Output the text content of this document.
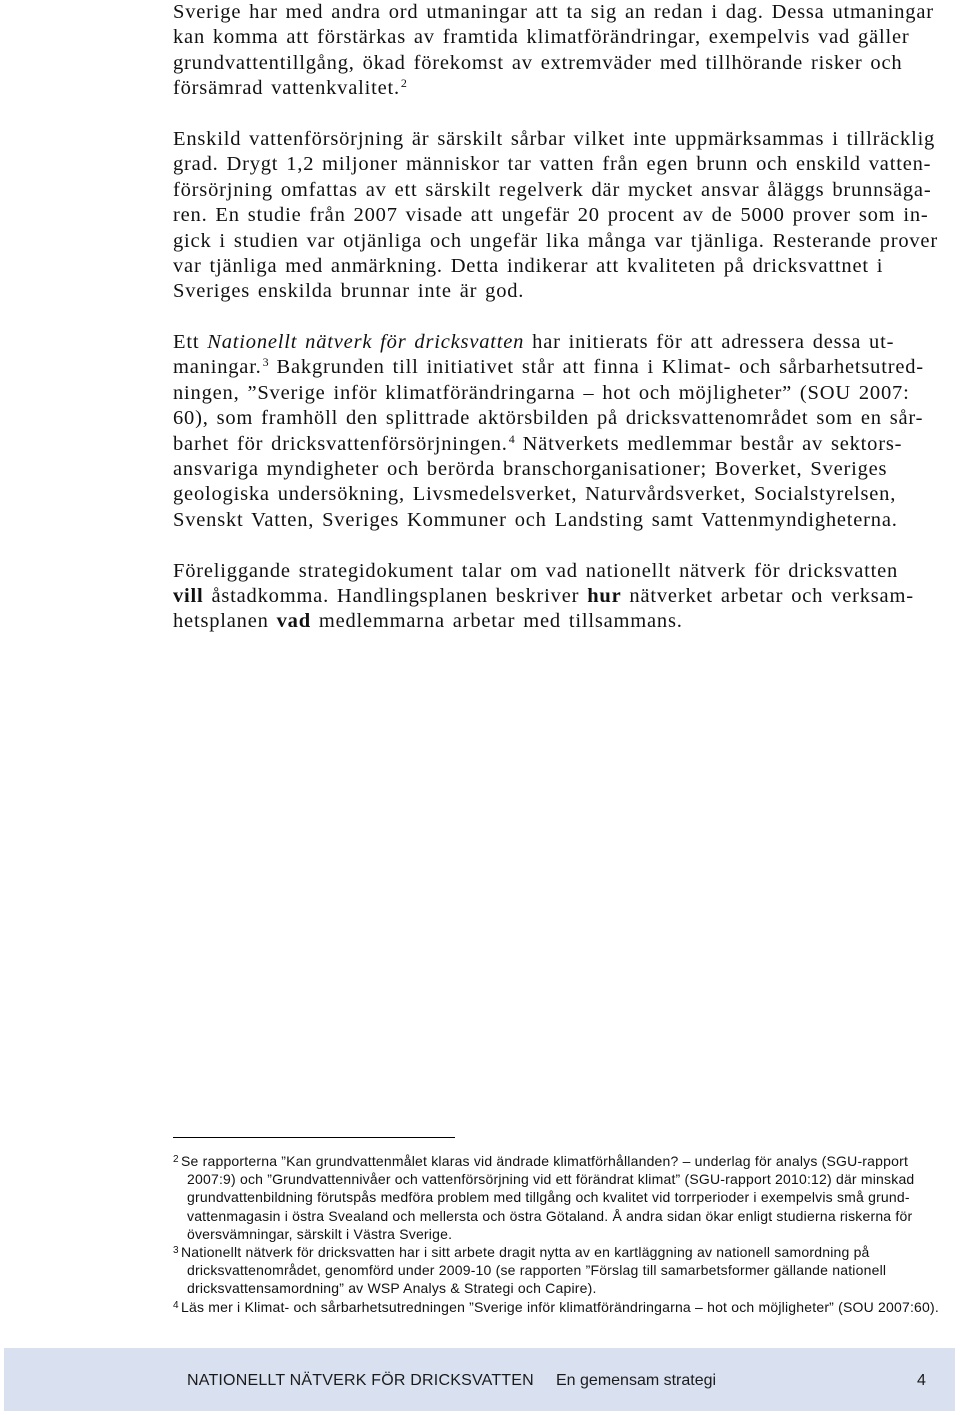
Sverige har med andra ord utmaningar att ta sig an redan i dag. Dessa utmaningar
kan komma att förstärkas av framtida klimatförändringar, exempelvis vad gäller
grundvattentillgång, ökad förekomst av extremväder med tillhörande risker och
försämrad vattenkvalitet.$^2$
Enskild vattenförsörjning är särskilt sårbar vilket inte uppmärksammas i tillräcklig
grad. Drygt 1,2 miljoner människor tar vatten från egen brunn och enskild vatten-
försörjning omfattas av ett särskilt regelverk där mycket ansvar åläggs brunnsäga-
ren. En studie från 2007 visade att ungefär 20 procent av de 5000 prover som in-
gick i studien var otjänliga och ungefär lika många var tjänliga. Resterande prover
var tjänliga med anmärkning. Detta indikerar att kvaliteten på dricksvattnet i
Sveriges enskilda brunnar inte är god.
Ett Nationellt nätverk för dricksvatten har initierats för att adressera dessa ut-
maningar.$^3$ Bakgrunden till initiativet står att finna i Klimat- och sårbarhetsutred-
ningen, ”Sverige inför klimatförändringarna – hot och möjligheter” (SOU 2007:
60), som framhöll den splittrade aktörsbilden på dricksvattenområdet som en sår-
barhet för dricksvattenförsörjningen.$^4$ Nätverkets medlemmar består av sektors-
ansvariga myndigheter och berörda branschorganisationer; Boverket, Sveriges
geologiska undersökning, Livsmedelsverket, Naturvårdsverket, Socialstyrelsen,
Svenskt Vatten, Sveriges Kommuner och Landsting samt Vattenmyndigheterna.
Föreliggande strategidokument talar om vad nationellt nätverk för dricksvatten
vill åstadkomma. Handlingsplanen beskriver hur nätverket arbetar och verksam-
hetsplanen vad medlemmarna arbetar med tillsammans.
2 Se rapporterna ”Kan grundvattenmålet klaras vid ändrade klimatförhållanden? – underlag för analys (SGU-rapport
2007:9) och ”Grundvattennivåer och vattenförsörjning vid ett förändrat klimat” (SGU-rapport 2010:12) där minskad
grundvattenbildning förutspås medföra problem med tillgång och kvalitet vid torrperioder i exempelvis små grund-
vattenmagasin i östra Svealand och mellersta och östra Götaland. Å andra sidan ökar enligt studierna riskerna för
översvämningar, särskilt i Västra Sverige.
3 Nationellt nätverk för dricksvatten har i sitt arbete dragit nytta av en kartläggning av nationell samordning på
dricksvattenområdet, genomförd under 2009-10 (se rapporten ”Förslag till samarbetsformer gällande nationell
dricksvattensamordning” av WSP Analys & Strategi och Capire).
4 Läs mer i Klimat- och sårbarhetsutredningen ”Sverige inför klimatförändringarna – hot och möjligheter” (SOU 2007:60).
NATIONELLT NÄTVERK FÖR DRICKSVATTEN En gemensam strategi	4
